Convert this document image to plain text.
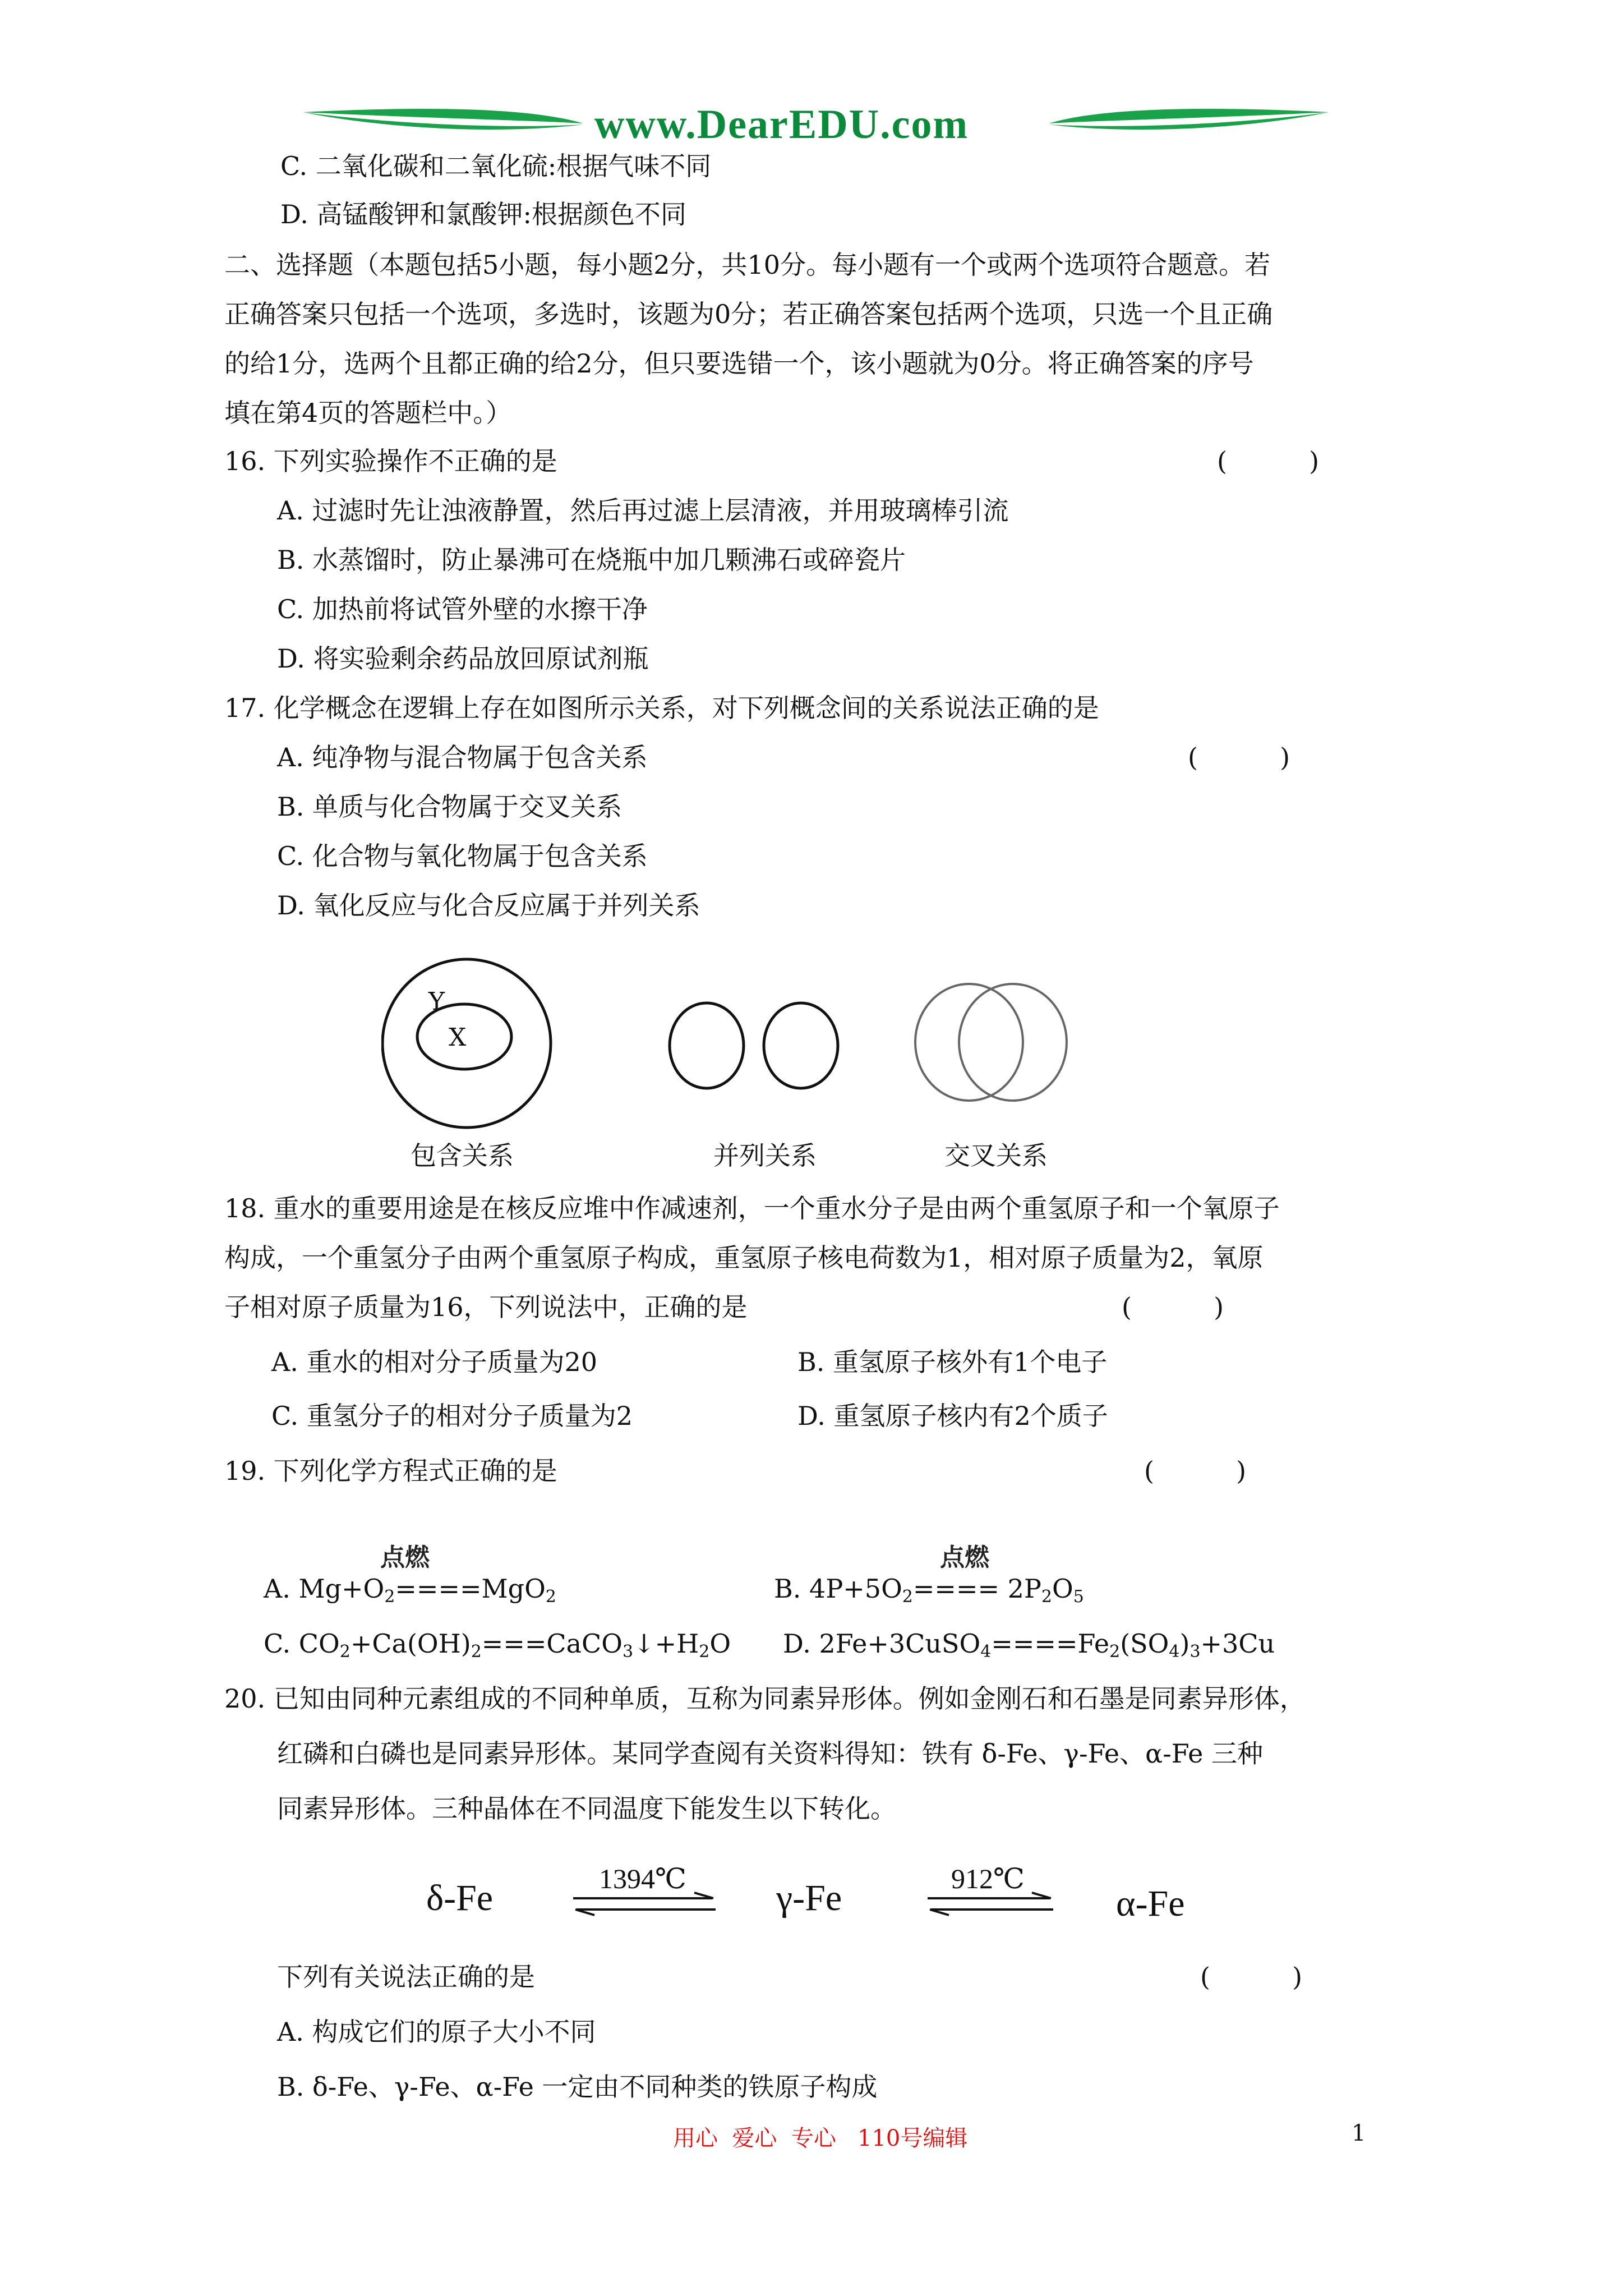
www.DearEDU.com
C. 二氧化碳和二氧化硫:根据气味不同
D. 高锰酸钾和氯酸钾:根据颜色不同
二、选择题（本题包括5小题，每小题2分，共10分。每小题有一个或两个选项符合题意。若
正确答案只包括一个选项，多选时，该题为0分；若正确答案包括两个选项，只选一个且正确
的给1分，选两个且都正确的给2分，但只要选错一个，该小题就为0分。将正确答案的序号
填在第4页的答题栏中。）
16. 下列实验操作不正确的是	(          )
A. 过滤时先让浊液静置，然后再过滤上层清液，并用玻璃棒引流
B. 水蒸馏时，防止暴沸可在烧瓶中加几颗沸石或碎瓷片
C. 加热前将试管外壁的水擦干净
D. 将实验剩余药品放回原试剂瓶
17. 化学概念在逻辑上存在如图所示关系，对下列概念间的关系说法正确的是
A. 纯净物与混合物属于包含关系	(          )
B. 单质与化合物属于交叉关系
C. 化合物与氧化物属于包含关系
D. 氧化反应与化合反应属于并列关系
Y
X
包含关系	并列关系	交叉关系
18. 重水的重要用途是在核反应堆中作减速剂，一个重水分子是由两个重氢原子和一个氧原子
构成，一个重氢分子由两个重氢原子构成，重氢原子核电荷数为1，相对原子质量为2，氧原
子相对原子质量为16，下列说法中，正确的是	(          )
A. 重水的相对分子质量为20	B. 重氢原子核外有1个电子
C. 重氢分子的相对分子质量为2	D. 重氢原子核内有2个质子
19. 下列化学方程式正确的是	(          )
点燃	点燃
A. $Mg+O_2====MgO_2$	B. $4P+5O_2==== 2P_2O_5$
C. $CO_2+Ca(OH)_2===CaCO_3↓+H_2O$ D. $2Fe+3CuSO_4====Fe_2(SO_4)_3+3Cu$
20. 已知由同种元素组成的不同种单质，互称为同素异形体。例如金刚石和石墨是同素异形体，
红磷和白磷也是同素异形体。某同学查阅有关资料得知：铁有 δ-Fe、γ-Fe、α-Fe 三种
同素异形体。三种晶体在不同温度下能发生以下转化。
δ-Fe	1394℃ γ-Fe	912℃
α-Fe
下列有关说法正确的是	(          )
A. 构成它们的原子大小不同
B. δ-Fe、γ-Fe、α-Fe 一定由不同种类的铁原子构成
用心  爱心  专心   110号编辑	1
